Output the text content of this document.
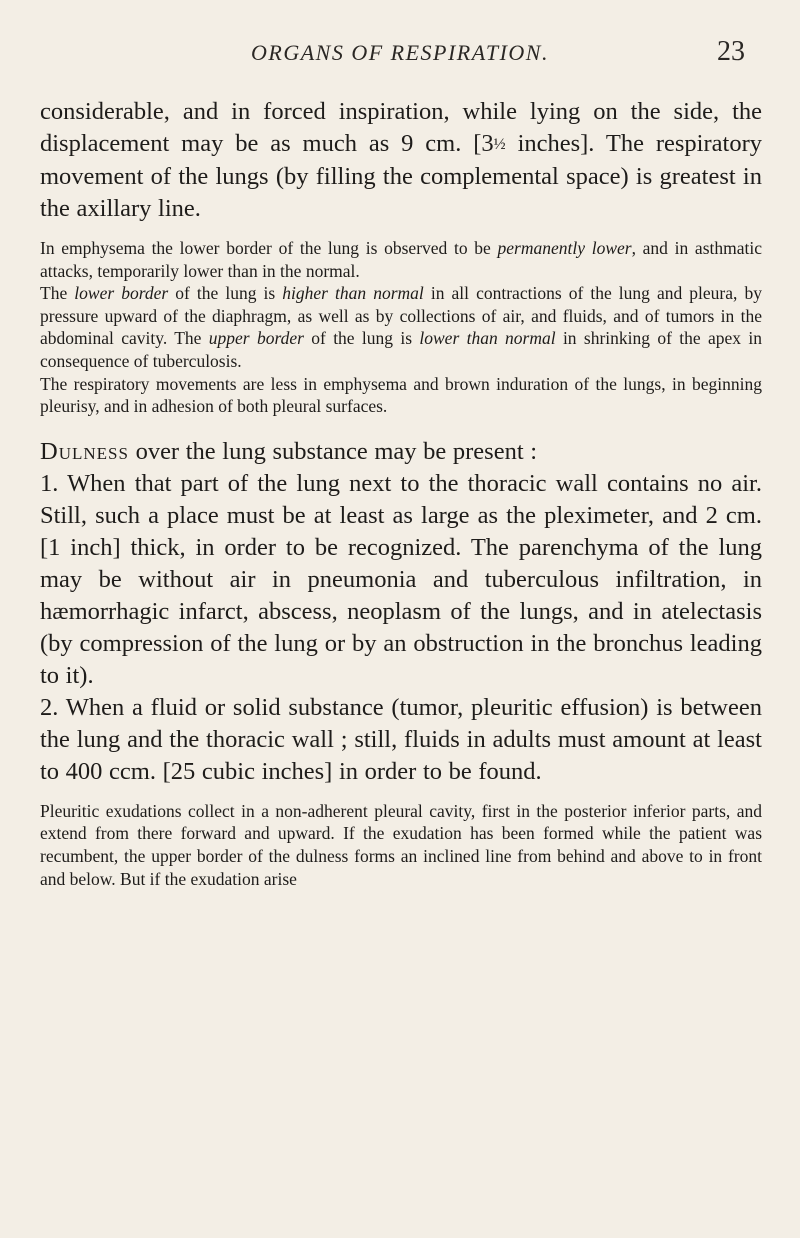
ORGANS OF RESPIRATION.	23

considerable, and in forced inspiration, while lying on the side, the displacement may be as much as 9 cm. [3½ inches]. The respiratory movement of the lungs (by filling the complemental space) is greatest in the axillary line.

In emphysema the lower border of the lung is observed to be permanently lower, and in asthmatic attacks, temporarily lower than in the normal.

The lower border of the lung is higher than normal in all contractions of the lung and pleura, by pressure upward of the diaphragm, as well as by collections of air, and fluids, and of tumors in the abdominal cavity. The upper border of the lung is lower than normal in shrinking of the apex in consequence of tuberculosis.

The respiratory movements are less in emphysema and brown induration of the lungs, in beginning pleurisy, and in adhesion of both pleural surfaces.

Dulness over the lung substance may be present :

1. When that part of the lung next to the thoracic wall contains no air. Still, such a place must be at least as large as the pleximeter, and 2 cm. [1 inch] thick, in order to be recognized. The parenchyma of the lung may be without air in pneumonia and tuberculous infiltration, in hæmorrhagic infarct, abscess, neoplasm of the lungs, and in atelectasis (by compression of the lung or by an obstruction in the bronchus leading to it).

2. When a fluid or solid substance (tumor, pleuritic effusion) is between the lung and the thoracic wall ; still, fluids in adults must amount at least to 400 ccm. [25 cubic inches] in order to be found.

Pleuritic exudations collect in a non-adherent pleural cavity, first in the posterior inferior parts, and extend from there forward and upward. If the exudation has been formed while the patient was recumbent, the upper border of the dulness forms an inclined line from behind and above to in front and below. But if the exudation arise
